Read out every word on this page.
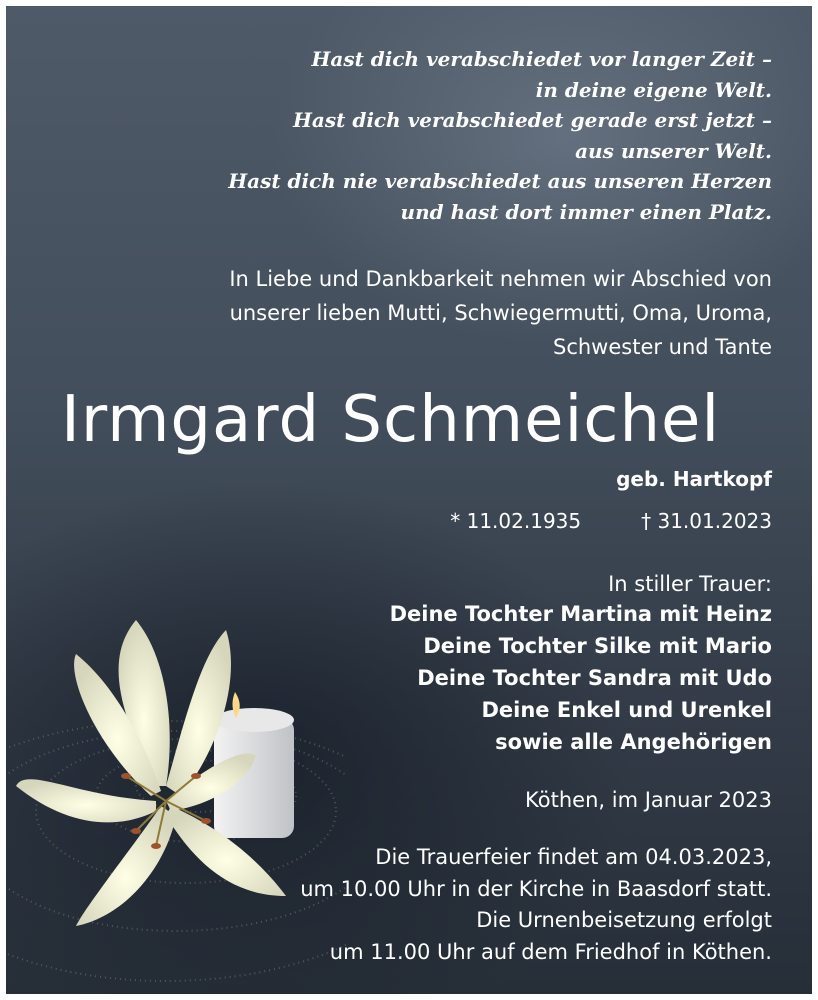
Hast dich verabschiedet vor langer Zeit –
in deine eigene Welt.
Hast dich verabschiedet gerade erst jetzt –
aus unserer Welt.
Hast dich nie verabschiedet aus unseren Herzen
und hast dort immer einen Platz.
In Liebe und Dankbarkeit nehmen wir Abschied von
unserer lieben Mutti, Schwiegermutti, Oma, Uroma,
Schwester und Tante
Irmgard Schmeichel
geb. Hartkopf
* 11.02.1935	† 31.01.2023
In stiller Trauer:
Deine Tochter Martina mit Heinz
Deine Tochter Silke mit Mario
Deine Tochter Sandra mit Udo
Deine Enkel und Urenkel
sowie alle Angehörigen
Köthen, im Januar 2023
Die Trauerfeier findet am 04.03.2023,
um 10.00 Uhr in der Kirche in Baasdorf statt.
Die Urnenbeisetzung erfolgt
um 11.00 Uhr auf dem Friedhof in Köthen.
